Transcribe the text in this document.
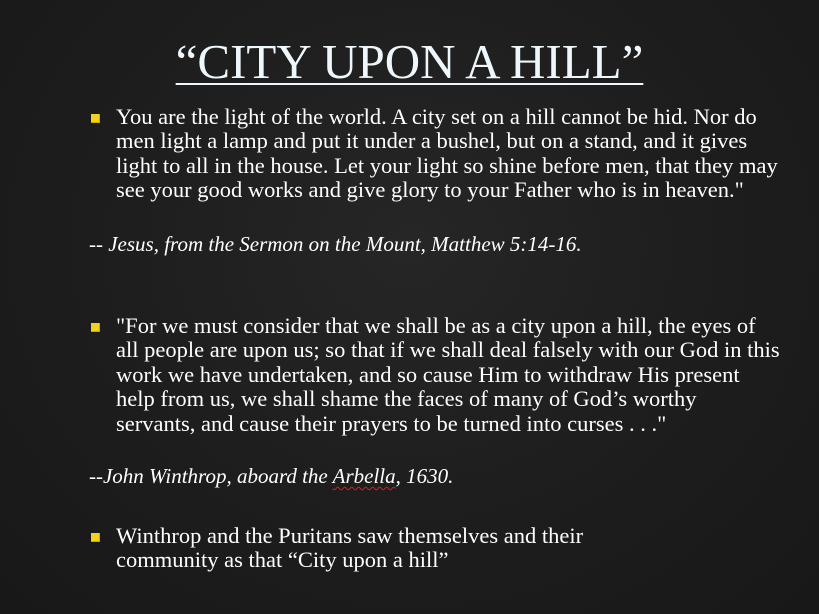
“CITY UPON A HILL”
You are the light of the world. A city set on a hill cannot be hid. Nor do men light a lamp and put it under a bushel, but on a stand, and it gives light to all in the house. Let your light so shine before men, that they may see your good works and give glory to your Father who is in heaven."
-- Jesus, from the Sermon on the Mount, Matthew 5:14-16.
"For we must consider that we shall be as a city upon a hill, the eyes of all people are upon us; so that if we shall deal falsely with our God in this work we have undertaken, and so cause Him to withdraw His present help from us, we shall shame the faces of many of God’s worthy servants, and cause their prayers to be turned into curses . . ."
--John Winthrop, aboard the Arbella, 1630.
Winthrop and the Puritans saw themselves and their community as that “City upon a hill”
